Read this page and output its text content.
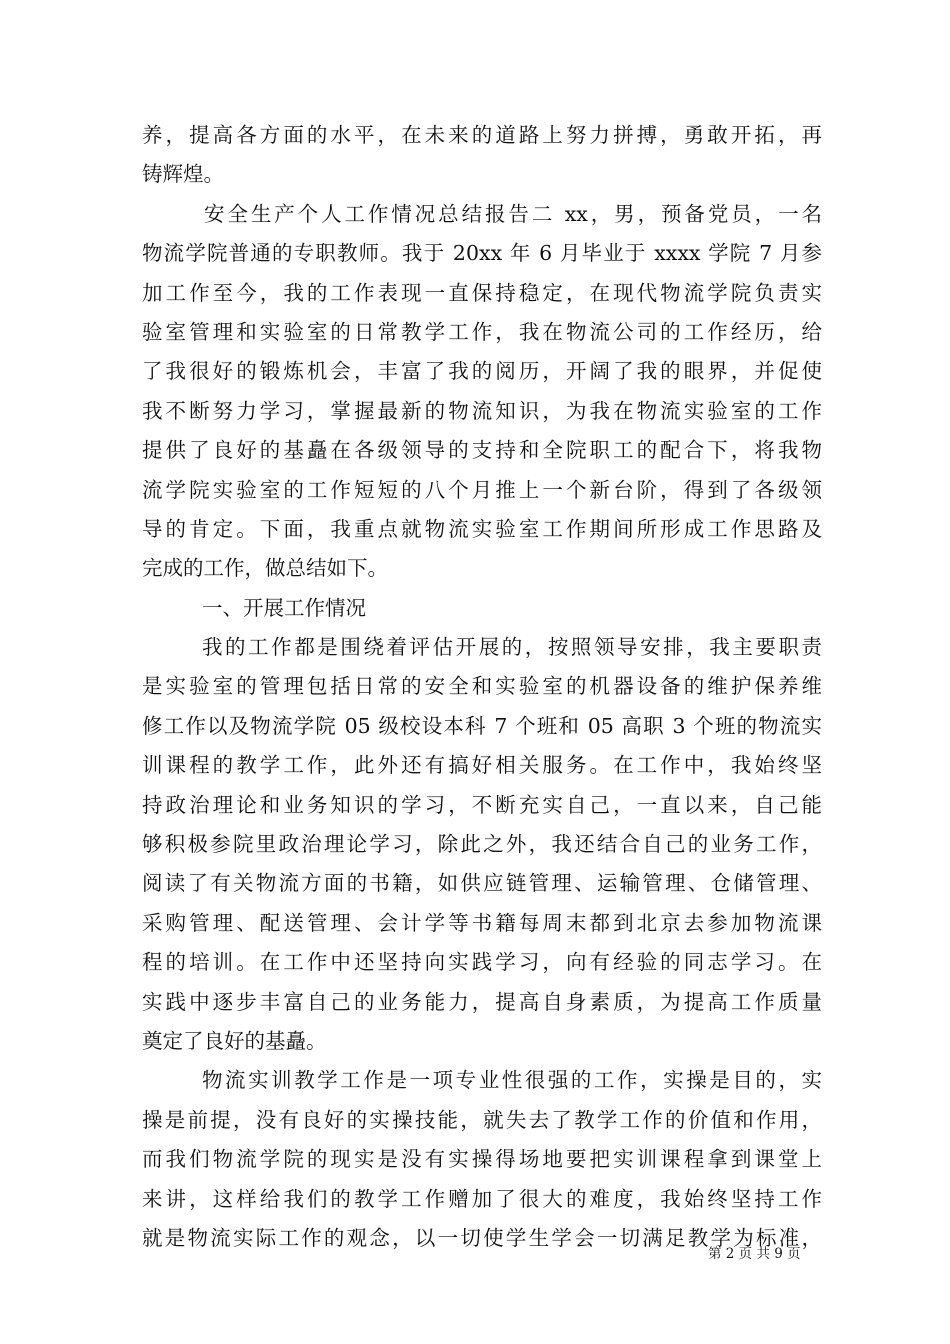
养，提高各方面的水平，在未来的道路上努力拼搏，勇敢开拓，再
铸辉煌。
安全生产个人工作情况总结报告二 xx，男，预备党员，一名
物流学院普通的专职教师。我于 20xx 年 6 月毕业于 xxxx 学院 7 月参
加工作至今，我的工作表现一直保持稳定，在现代物流学院负责实
验室管理和实验室的日常教学工作，我在物流公司的工作经历，给
了我很好的锻炼机会，丰富了我的阅历，开阔了我的眼界，并促使
我不断努力学习，掌握最新的物流知识，为我在物流实验室的工作
提供了良好的基矗在各级领导的支持和全院职工的配合下，将我物
流学院实验室的工作短短的八个月推上一个新台阶，得到了各级领
导的肯定。下面，我重点就物流实验室工作期间所形成工作思路及
完成的工作，做总结如下。
一、开展工作情况
我的工作都是围绕着评估开展的，按照领导安排，我主要职责
是实验室的管理包括日常的安全和实验室的机器设备的维护保养维
修工作以及物流学院 05 级校设本科 7 个班和 05 高职 3 个班的物流实
训课程的教学工作，此外还有搞好相关服务。在工作中，我始终坚
持政治理论和业务知识的学习，不断充实自己，一直以来，自己能
够积极参院里政治理论学习，除此之外，我还结合自己的业务工作，
阅读了有关物流方面的书籍，如供应链管理、运输管理、仓储管理、
采购管理、配送管理、会计学等书籍每周末都到北京去参加物流课
程的培训。在工作中还坚持向实践学习，向有经验的同志学习。在
实践中逐步丰富自己的业务能力，提高自身素质，为提高工作质量
奠定了良好的基矗。
物流实训教学工作是一项专业性很强的工作，实操是目的，实
操是前提，没有良好的实操技能，就失去了教学工作的价值和作用，
而我们物流学院的现实是没有实操得场地要把实训课程拿到课堂上
来讲，这样给我们的教学工作赠加了很大的难度，我始终坚持工作
就是物流实际工作的观念，以一切使学生学会一切满足教学为标准，
第 2 页 共 9 页
